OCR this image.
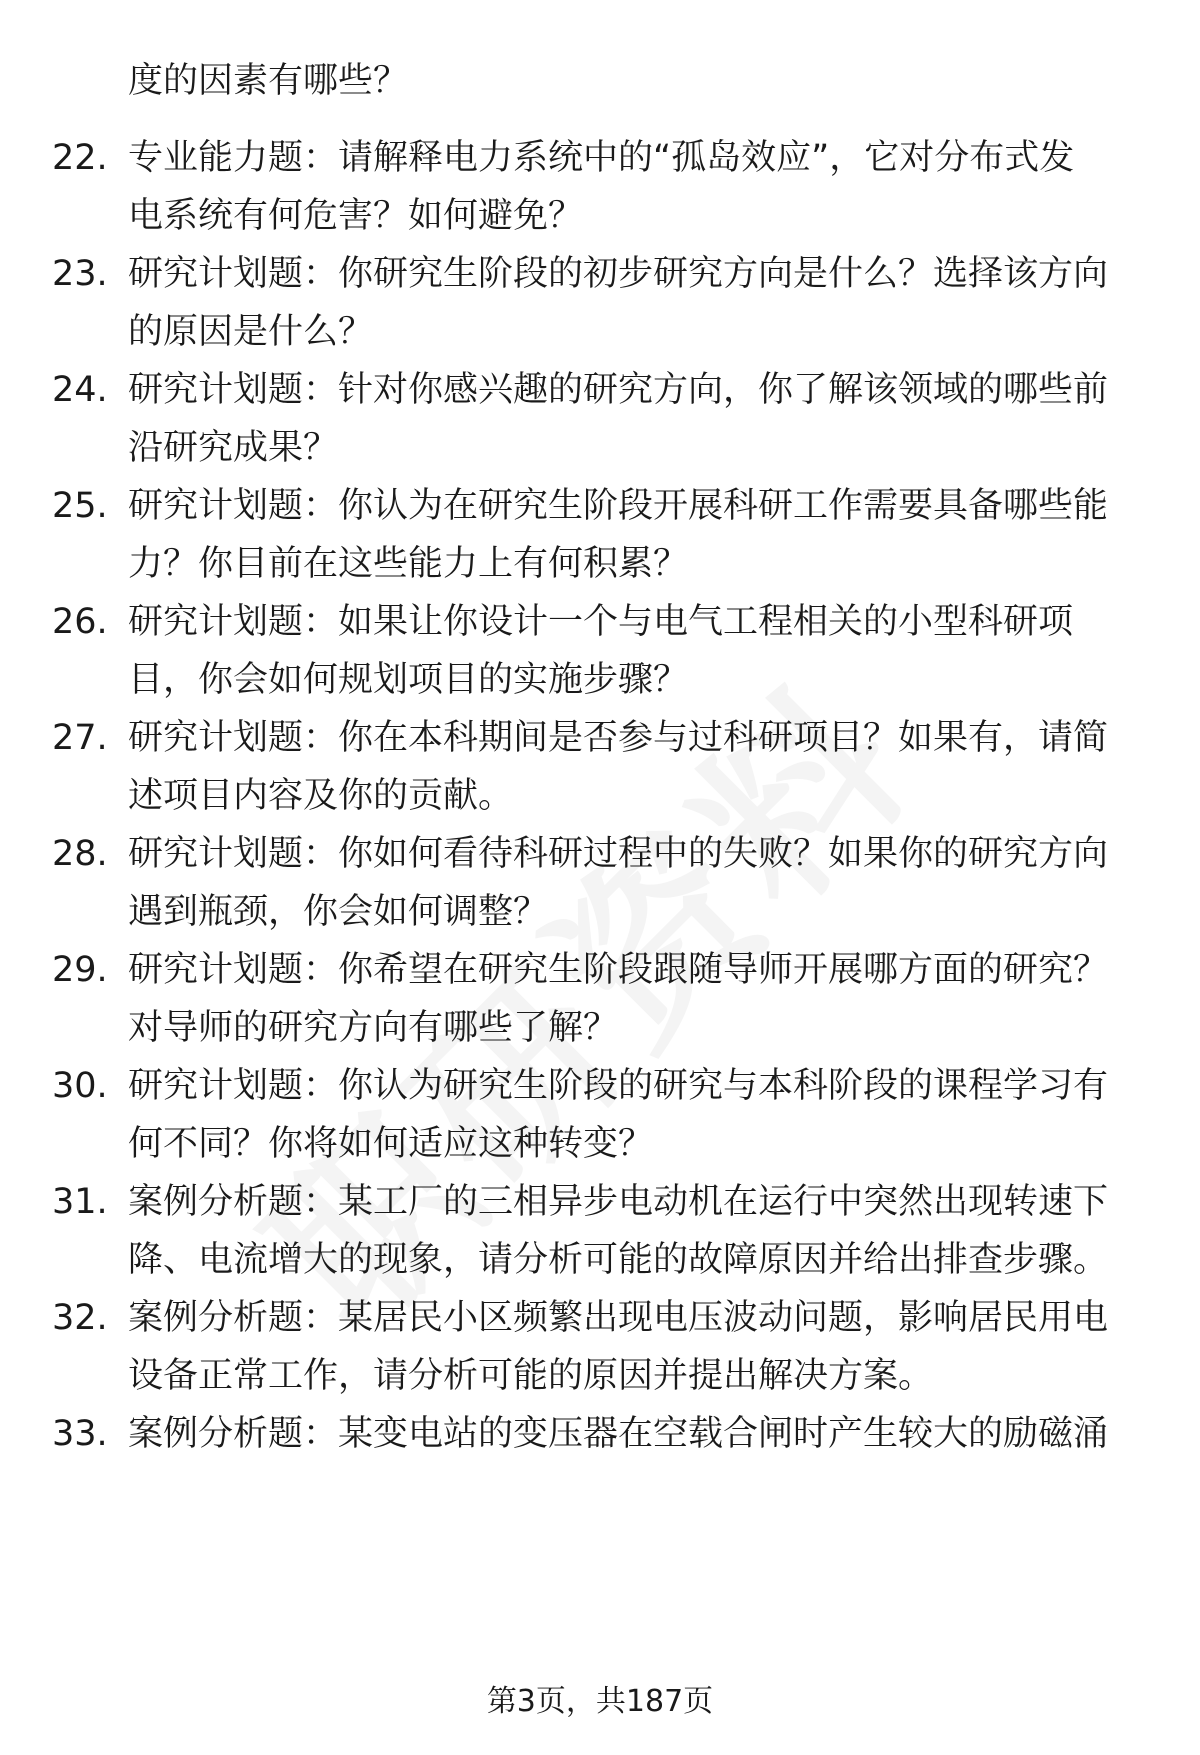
度的因素有哪些？
22. 专业能力题：请解释电力系统中的“孤岛效应”，它对分布式发
电系统有何危害？如何避免？
23. 研究计划题：你研究生阶段的初步研究方向是什么？选择该方向
的原因是什么？
24. 研究计划题：针对你感兴趣的研究方向，你了解该领域的哪些前
沿研究成果？
25. 研究计划题：你认为在研究生阶段开展科研工作需要具备哪些能
力？你目前在这些能力上有何积累？
26. 研究计划题：如果让你设计一个与电气工程相关的小型科研项
目，你会如何规划项目的实施步骤？
27. 研究计划题：你在本科期间是否参与过科研项目？如果有，请简
述项目内容及你的贡献。
28. 研究计划题：你如何看待科研过程中的失败？如果你的研究方向
遇到瓶颈，你会如何调整？
29. 研究计划题：你希望在研究生阶段跟随导师开展哪方面的研究？
对导师的研究方向有哪些了解？
30. 研究计划题：你认为研究生阶段的研究与本科阶段的课程学习有
何不同？你将如何适应这种转变？
31. 案例分析题：某工厂的三相异步电动机在运行中突然出现转速下
降、电流增大的现象，请分析可能的故障原因并给出排查步骤。
32. 案例分析题：某居民小区频繁出现电压波动问题，影响居民用电
设备正常工作，请分析可能的原因并提出解决方案。
33. 案例分析题：某变电站的变压器在空载合闸时产生较大的励磁涌
第3页，共187页
